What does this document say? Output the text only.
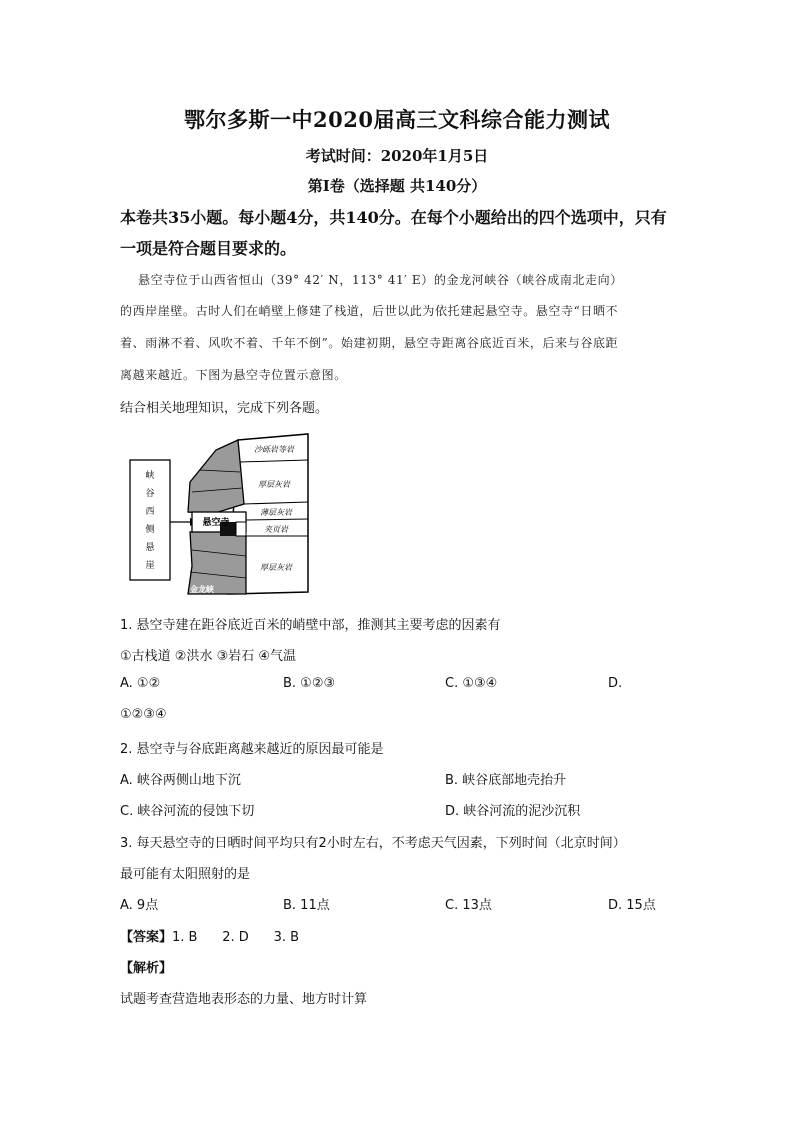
鄂尔多斯一中2020届高三文科综合能力测试
考试时间：2020年1月5日
第Ⅰ卷（选择题 共140分）
本卷共35小题。每小题4分，共140分。在每个小题给出的四个选项中，只有
一项是符合题目要求的。
悬空寺位于山西省恒山（39° 42′ N，113° 41′ E）的金龙河峡谷（峡谷成南北走向）
的西岸崖壁。古时人们在峭壁上修建了栈道，后世以此为依托建起悬空寺。悬空寺“日晒不
着、雨淋不着、风吹不着、千年不倒”。始建初期，悬空寺距离谷底近百米，后来与谷底距
离越来越近。下图为悬空寺位置示意图。
结合相关地理知识，完成下列各题。
峡
谷
西
侧
悬
崖
沙砾岩等岩
厚层灰岩
薄层灰岩
夹页岩
厚层灰岩
悬空寺
金龙峡
1. 悬空寺建在距谷底近百米的峭壁中部，推测其主要考虑的因素有
①古栈道 ②洪水 ③岩石 ④气温
A. ①②	B. ①②③	C. ①③④	D.
①②③④
2. 悬空寺与谷底距离越来越近的原因最可能是
A. 峡谷两侧山地下沉	B. 峡谷底部地壳抬升
C. 峡谷河流的侵蚀下切	D. 峡谷河流的泥沙沉积
3. 每天悬空寺的日晒时间平均只有2小时左右，不考虑天气因素，下列时间（北京时间）
最可能有太阳照射的是
A. 9点	B. 11点	C. 13点	D. 15点
【答案】1. B      2. D      3. B
【解析】
试题考查营造地表形态的力量、地方时计算
